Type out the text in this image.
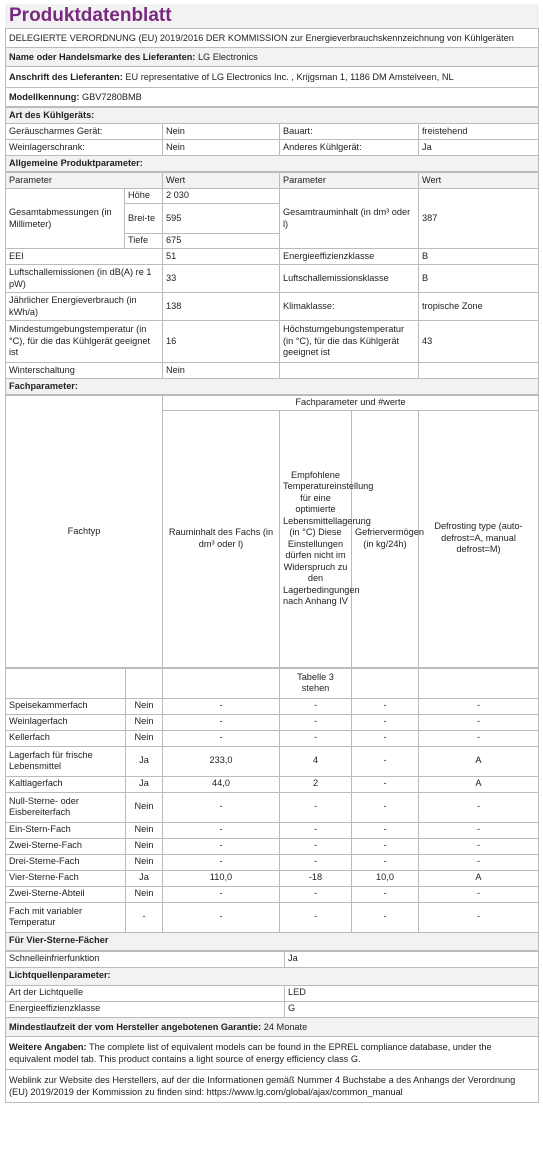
Produktdatenblatt
DELEGIERTE VERORDNUNG (EU) 2019/2016 DER KOMMISSION zur Energieverbrauchskennzeichnung von Kühlgeräten
Name oder Handelsmarke des Lieferanten: LG Electronics
Anschrift des Lieferanten: EU representative of LG Electronics Inc. , Krijgsman 1, 1186 DM Amstelveen, NL
Modellkennung: GBV7280BMB
Art des Kühlgeräts:			
Geräuscharmes Gerät:	Nein	Bauart:	freistehend
Weinlagerschrank:	Nein	Anderes Kühlgerät:	Ja
Allgemeine Produktparameter:			
Parameter		Wert	Parameter	Wert
Gesamtabmessungen (in Millimeter)	Höhe	2 030	Gesamtrauminhalt (in dm³ oder l)	387
	Brei-te	595		
	Tiefe	675		
EEI		51	Energieeffizienzklasse	B
Luftschallemissionen (in dB(A) re 1 pW)		33	Luftschallemissionsklasse	B
Jährlicher Energieverbrauch (in kWh/a)		138	Klimaklasse:	tropische Zone
Mindestumgebungstemperatur (in °C), für die das Kühlgerät geeignet ist		16	Höchstumgebungstemperatur (in °C), für die das Kühlgerät geeignet ist	43
Winterschaltung		Nein		
Fachparameter:				
Fachtyp	Fachparameter und #werte			
	Rauminhalt des Fachs (in dm³ oder l)	Empfohlene Temperatureinstellung für eine optimierte Lebensmittellagerung (in °C) Diese Einstellungen dürfen nicht im Widerspruch zu den Lagerbedingungen nach Anhang IV	Gefriervermögen (in kg/24h)	Defrosting type (auto-defrost=A, manual defrost=M)
			Tabelle 3 stehen		
Speisekammerfach	Nein	-	-	-	-
Weinlagerfach	Nein	-	-	-	-
Kellerfach	Nein	-	-	-	-
Lagerfach für frische Lebensmittel	Ja	233,0	4	-	A
Kaltlagerfach	Ja	44,0	2	-	A
Null-Sterne- oder Eisbereiterfach	Nein	-	-	-	-
Ein-Stern-Fach	Nein	-	-	-	-
Zwei-Sterne-Fach	Nein	-	-	-	-
Drei-Sterne-Fach	Nein	-	-	-	-
Vier-Sterne-Fach	Ja	110,0	-18	10,0	A
Zwei-Sterne-Abteil	Nein	-	-	-	-
Fach mit variabler Temperatur	-	-	-	-	-
Für Vier-Sterne-Fächer					
Schnelleinfrierfunktion	Ja
Lichtquellenparameter:	
Art der Lichtquelle	LED
Energieeffizienzklasse	G
Mindestlaufzeit der vom Hersteller angebotenen Garantie: 24 Monate
Weitere Angaben: The complete list of equivalent models can be found in the EPREL compliance database, under the equivalent model tab. This product contains a light source of energy efficiency class G.
Weblink zur Website des Herstellers, auf der die Informationen gemäß Nummer 4 Buchstabe a des Anhangs der Verordnung (EU) 2019/2019 der Kommission zu finden sind: https://www.lg.com/global/ajax/common_manual
